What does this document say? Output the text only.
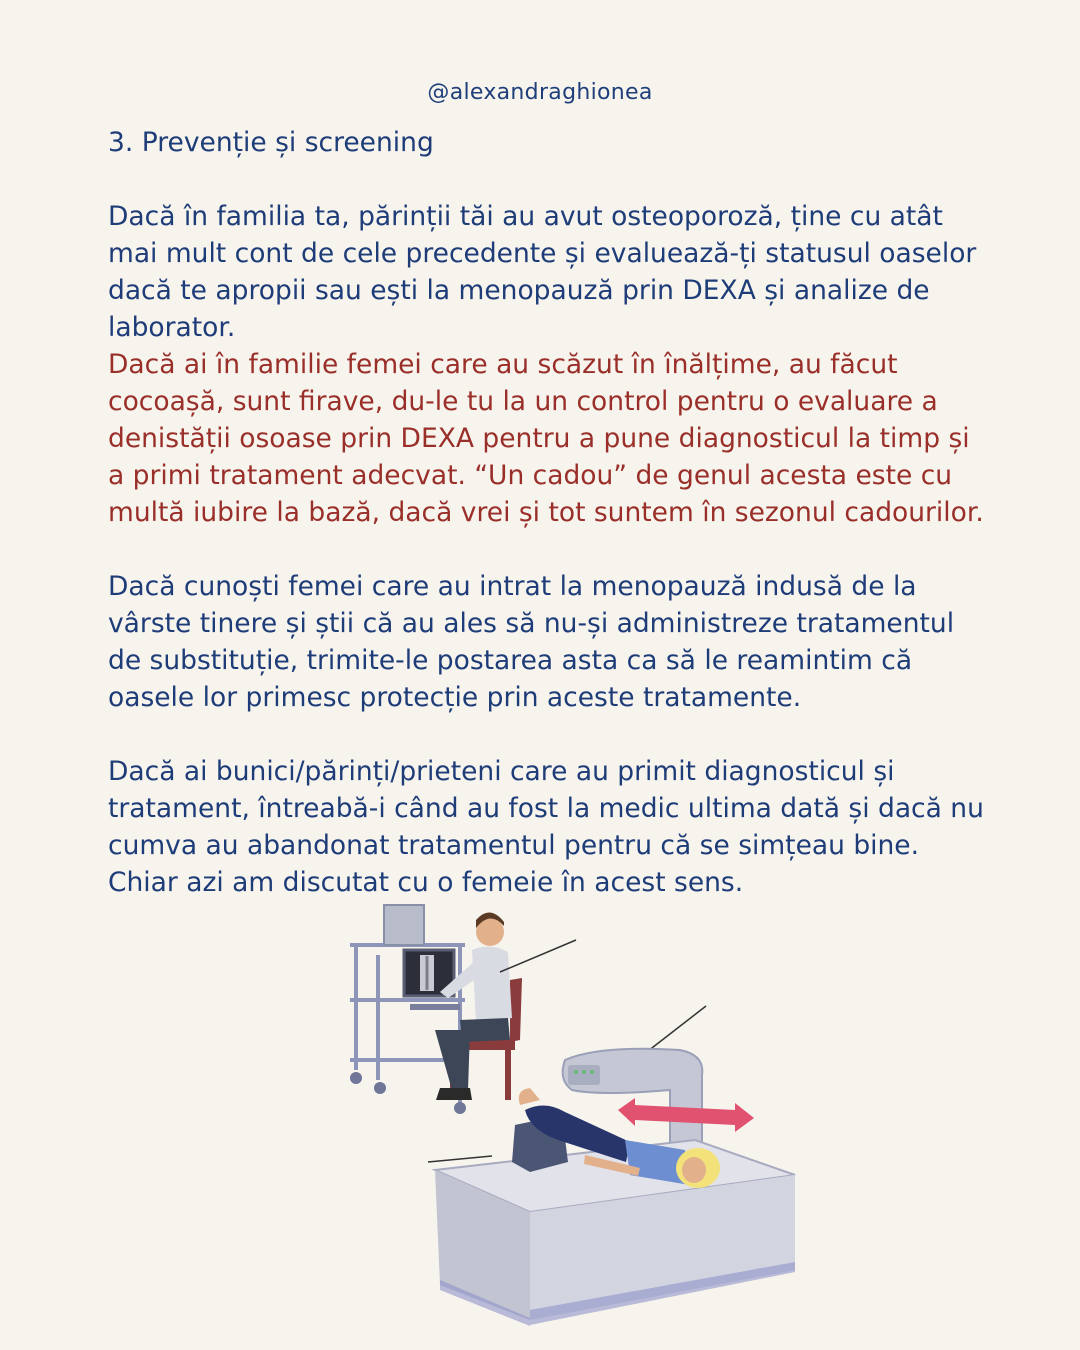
@alexandraghionea

3. Prevenție și screening

Dacă în familia ta, părinții tăi au avut osteoporoză, ține cu atât mai mult cont de cele precedente și evaluează-ți statusul oaselor dacă te apropii sau ești la menopauză prin DEXA și analize de laborator.

Dacă ai în familie femei care au scăzut în înălțime, au făcut cocoașă, sunt firave, du-le tu la un control pentru o evaluare a denistății osoase prin DEXA pentru a pune diagnosticul la timp și a primi tratament adecvat. “Un cadou” de genul acesta este cu multă iubire la bază, dacă vrei și tot suntem în sezonul cadourilor.

Dacă cunoști femei care au intrat la menopauză indusă de la vârste tinere și știi că au ales să nu-și administreze tratamentul de substituție, trimite-le postarea asta ca să le reamintim că oasele lor primesc protecție prin aceste tratamente.

Dacă ai bunici/părinți/prieteni care au primit diagnosticul și tratament, întreabă-i când au fost la medic ultima dată și dacă nu cumva au abandonat tratamentul pentru că se simțeau bine. Chiar azi am discutat cu o femeie în acest sens.
